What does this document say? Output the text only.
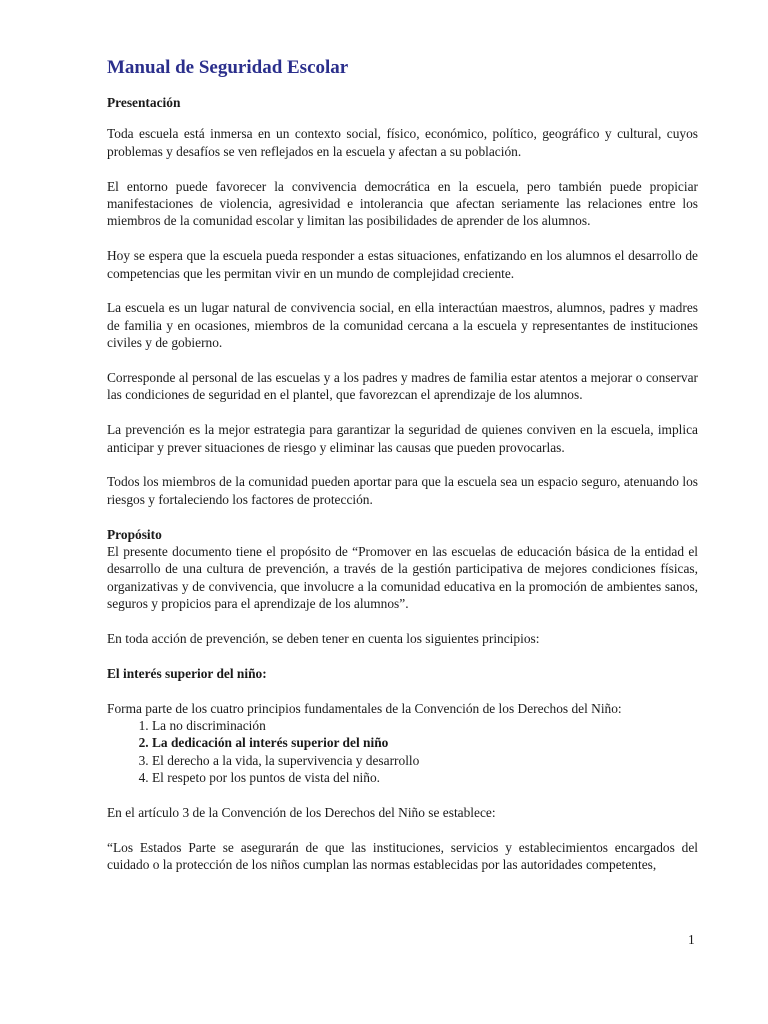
Manual de Seguridad Escolar
Presentación

Toda escuela está inmersa en un contexto social, físico, económico, político, geográfico y cultural, cuyos problemas y desafíos se ven reflejados en la escuela y afectan a su población.

El entorno puede favorecer la convivencia democrática en la escuela, pero también puede propiciar manifestaciones de violencia, agresividad e intolerancia que afectan seriamente las relaciones entre los miembros de la comunidad escolar y limitan las posibilidades de aprender de los alumnos.

Hoy se espera que la escuela pueda responder a estas situaciones, enfatizando en los alumnos el desarrollo de competencias que les permitan vivir en un mundo de complejidad creciente.

La escuela es un lugar natural de convivencia social, en ella interactúan maestros, alumnos, padres y madres de familia y en ocasiones, miembros de la comunidad cercana a la escuela y representantes de instituciones civiles y de gobierno.

Corresponde al personal de las escuelas y a los padres y madres de familia estar atentos a mejorar o conservar las condiciones de seguridad en el plantel, que favorezcan el aprendizaje de los alumnos.

La prevención es la mejor estrategia para garantizar la seguridad de quienes conviven en la escuela, implica anticipar y prever situaciones de riesgo y eliminar las causas que pueden provocarlas.

Todos los miembros de la comunidad pueden aportar para que la escuela sea un espacio seguro, atenuando los riesgos y fortaleciendo los factores de protección.

Propósito

El presente documento tiene el propósito de “Promover en las escuelas de educación básica de la entidad el desarrollo de una cultura de prevención, a través de la gestión participativa de mejores condiciones físicas, organizativas y de convivencia, que involucre a la comunidad educativa en la promoción de ambientes sanos, seguros y propicios para el aprendizaje de los alumnos”.

En toda acción de prevención, se deben tener en cuenta los siguientes principios:

El interés superior del niño:

Forma parte de los cuatro principios fundamentales de la Convención de los Derechos del Niño:

1. La no discriminación
2. La dedicación al interés superior del niño
3. El derecho a la vida, la supervivencia y desarrollo
4. El respeto por los puntos de vista del niño.

En el artículo 3 de la Convención de los Derechos del Niño se establece:

“Los Estados Parte se asegurarán de que las instituciones, servicios y establecimientos encargados del cuidado o la protección de los niños cumplan las normas establecidas por las autoridades competentes,

1
